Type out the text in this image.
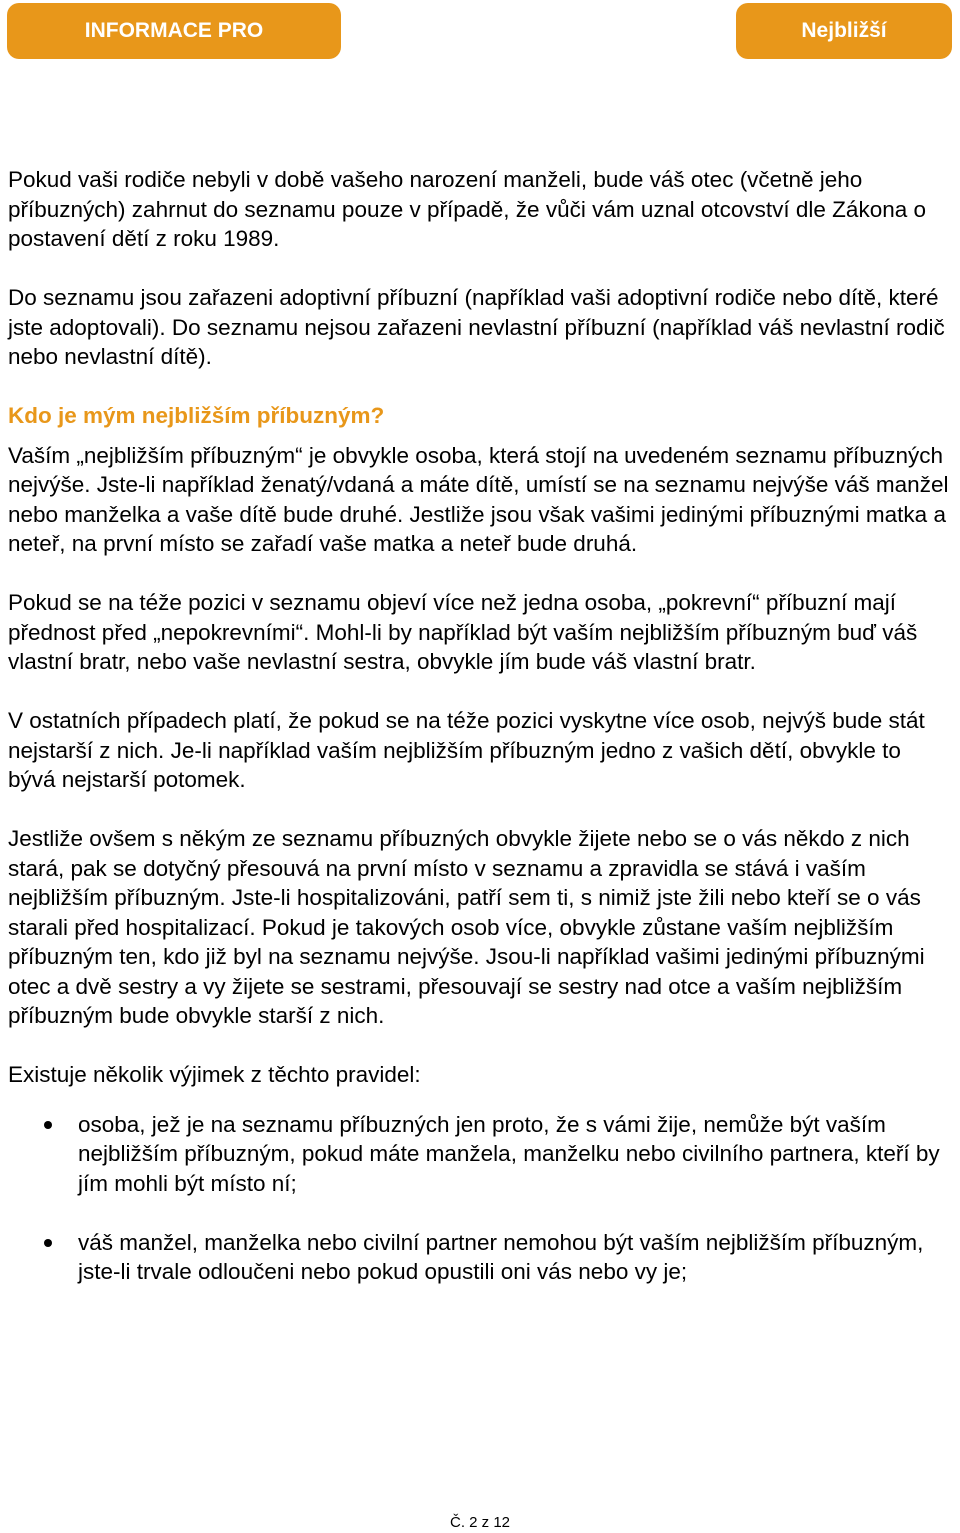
INFORMACE PRO	Nejbližší

Pokud vaši rodiče nebyli v době vašeho narození manželi, bude váš otec (včetně jeho příbuzných) zahrnut do seznamu pouze v případě, že vůči vám uznal otcovství dle Zákona o postavení dětí z roku 1989.

Do seznamu jsou zařazeni adoptivní příbuzní (například vaši adoptivní rodiče nebo dítě, které jste adoptovali). Do seznamu nejsou zařazeni nevlastní příbuzní (například váš nevlastní rodič nebo nevlastní dítě).

Kdo je mým nejbližším příbuzným?

Vaším „nejbližším příbuzným“ je obvykle osoba, která stojí na uvedeném seznamu příbuzných nejvýše. Jste-li například ženatý/vdaná a máte dítě, umístí se na seznamu nejvýše váš manžel nebo manželka a vaše dítě bude druhé. Jestliže jsou však vašimi jedinými příbuznými matka a neteř, na první místo se zařadí vaše matka a neteř bude druhá.

Pokud se na téže pozici v seznamu objeví více než jedna osoba, „pokrevní“ příbuzní mají přednost před „nepokrevními“. Mohl-li by například být vaším nejbližším příbuzným buď váš vlastní bratr, nebo vaše nevlastní sestra, obvykle jím bude váš vlastní bratr.

V ostatních případech platí, že pokud se na téže pozici vyskytne více osob, nejvýš bude stát nejstarší z nich. Je-li například vaším nejbližším příbuzným jedno z vašich dětí, obvykle to bývá nejstarší potomek.

Jestliže ovšem s někým ze seznamu příbuzných obvykle žijete nebo se o vás někdo z nich stará, pak se dotyčný přesouvá na první místo v seznamu a zpravidla se stává i vaším nejbližším příbuzným. Jste-li hospitalizováni, patří sem ti, s nimiž jste žili nebo kteří se o vás starali před hospitalizací. Pokud je takových osob více, obvykle zůstane vaším nejbližším příbuzným ten, kdo již byl na seznamu nejvýše. Jsou-li například vašimi jedinými příbuznými otec a dvě sestry a vy žijete se sestrami, přesouvají se sestry nad otce a vaším nejbližším příbuzným bude obvykle starší z nich.

Existuje několik výjimek z těchto pravidel:

osoba, jež je na seznamu příbuzných jen proto, že s vámi žije, nemůže být vaším nejbližším příbuzným, pokud máte manžela, manželku nebo civilního partnera, kteří by jím mohli být místo ní;
váš manžel, manželka nebo civilní partner nemohou být vaším nejbližším příbuzným, jste-li trvale odloučeni nebo pokud opustili oni vás nebo vy je;
Č. 2 z 12
